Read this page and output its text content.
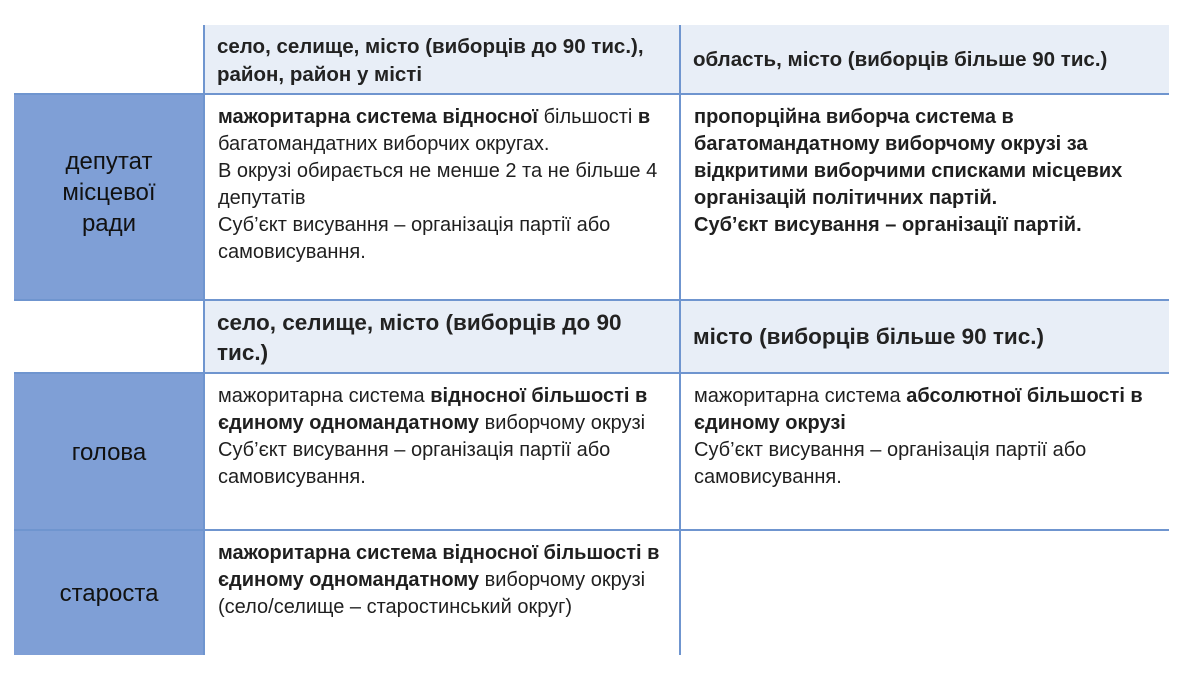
село, селище, місто (виборців до 90 тис.), район, район у місті
область, місто (виборців більше 90 тис.)
депутат місцевої ради
мажоритарна система відносної більшості в багатомандатних виборчих округах.
В окрузі обирається не менше 2 та не більше 4 депутатів
Суб’єкт висування – організація партії або самовисування.
пропорційна виборча система в багатомандатному виборчому окрузі за відкритими виборчими списками місцевих організацій політичних партій.
Суб’єкт висування – організації партій.
село, селище, місто (виборців до 90 тис.)
місто (виборців більше 90 тис.)
голова
мажоритарна система відносної більшості в єдиному одномандатному виборчому окрузі
Суб’єкт висування – організація партії або самовисування.
мажоритарна система абсолютної більшості в єдиному окрузі
Суб’єкт висування – організація партії або самовисування.
староста
мажоритарна система відносної більшості в єдиному одномандатному виборчому окрузі (село/селище – старостинський округ)
